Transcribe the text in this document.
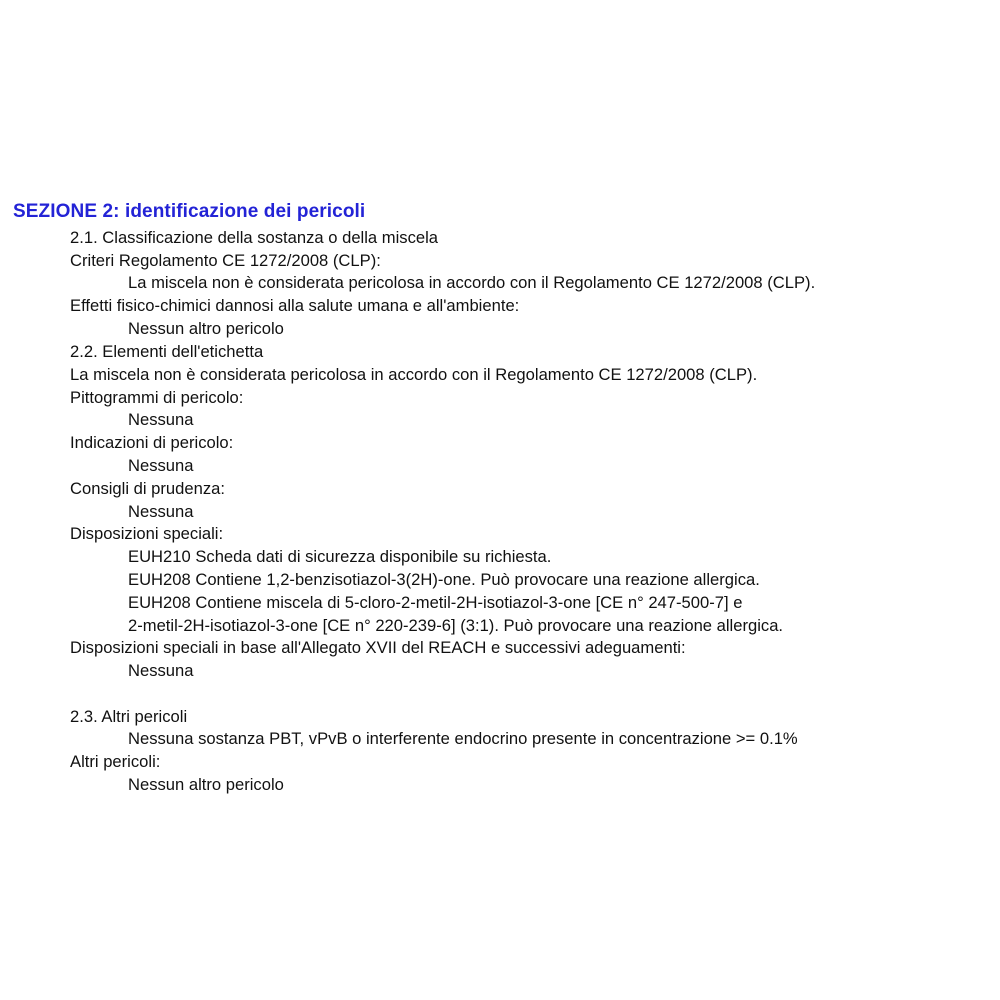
SEZIONE 2: identificazione dei pericoli
2.1. Classificazione della sostanza o della miscela
Criteri Regolamento CE 1272/2008 (CLP):
La miscela non è considerata pericolosa in accordo con il Regolamento CE 1272/2008 (CLP).
Effetti fisico-chimici dannosi alla salute umana e all'ambiente:
Nessun altro pericolo
2.2. Elementi dell'etichetta
La miscela non è considerata pericolosa in accordo con il Regolamento CE 1272/2008 (CLP).
Pittogrammi di pericolo:
Nessuna
Indicazioni di pericolo:
Nessuna
Consigli di prudenza:
Nessuna
Disposizioni speciali:
EUH210 Scheda dati di sicurezza disponibile su richiesta.
EUH208 Contiene 1,2-benzisotiazol-3(2H)-one. Può provocare una reazione allergica.
EUH208 Contiene miscela di 5-cloro-2-metil-2H-isotiazol-3-one [CE n° 247-500-7] e
2-metil-2H-isotiazol-3-one [CE n° 220-239-6] (3:1). Può provocare una reazione allergica.
Disposizioni speciali in base all'Allegato XVII del REACH e successivi adeguamenti:
Nessuna
2.3. Altri pericoli
Nessuna sostanza PBT, vPvB o interferente endocrino presente in concentrazione >= 0.1%
Altri pericoli:
Nessun altro pericolo
